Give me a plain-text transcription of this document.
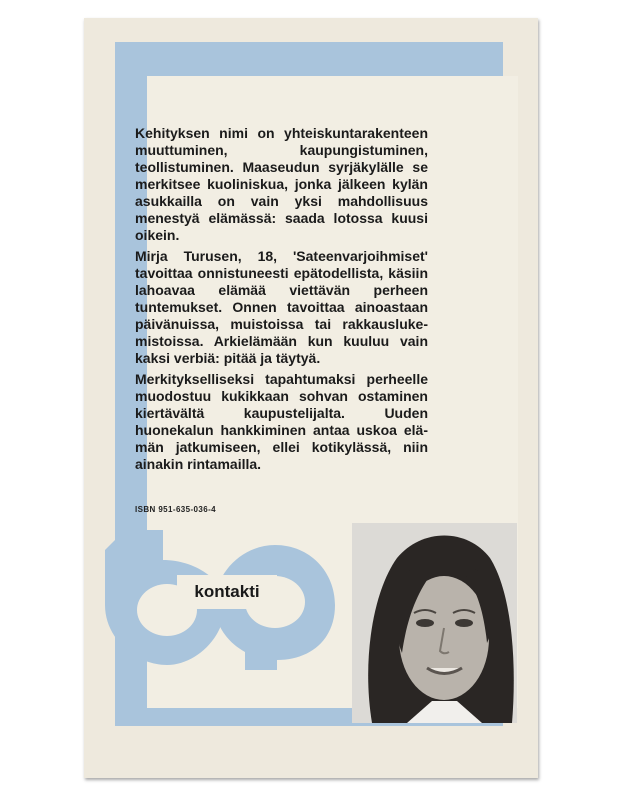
Kehityksen nimi on yhteiskuntarakenteen muuttuminen, kaupungistuminen, teollistuminen. Maaseudun syrjäkylälle se merkitsee kuoliniskua, jonka jälkeen kylän asukkailla on vain yksi mahdollisuus menestyä elämässä: saada lotossa kuusi oikein.

Mirja Turusen, 18, 'Sateenvarjoihmiset' tavoittaa onnistuneesti epätodellista, käsiin lahoavaa elämää viettävän perheen tuntemukset. Onnen tavoittaa ainoastaan päivänuissa, muistoissa tai rakkauslukemistoissa. Arkielämään kun kuuluu vain kaksi verbiä: pitää ja täytyä.

Merkitykselliseksi tapahtumaksi perheelle muodostuu kukikkaan sohvan ostaminen kiertävältä kaupustelijalta. Uuden huonekalun hankkiminen antaa uskoa elämän jatkumiseen, ellei kotikylässä, niin ainakin rintamailla.

ISBN 951-635-036-4
kontakti
